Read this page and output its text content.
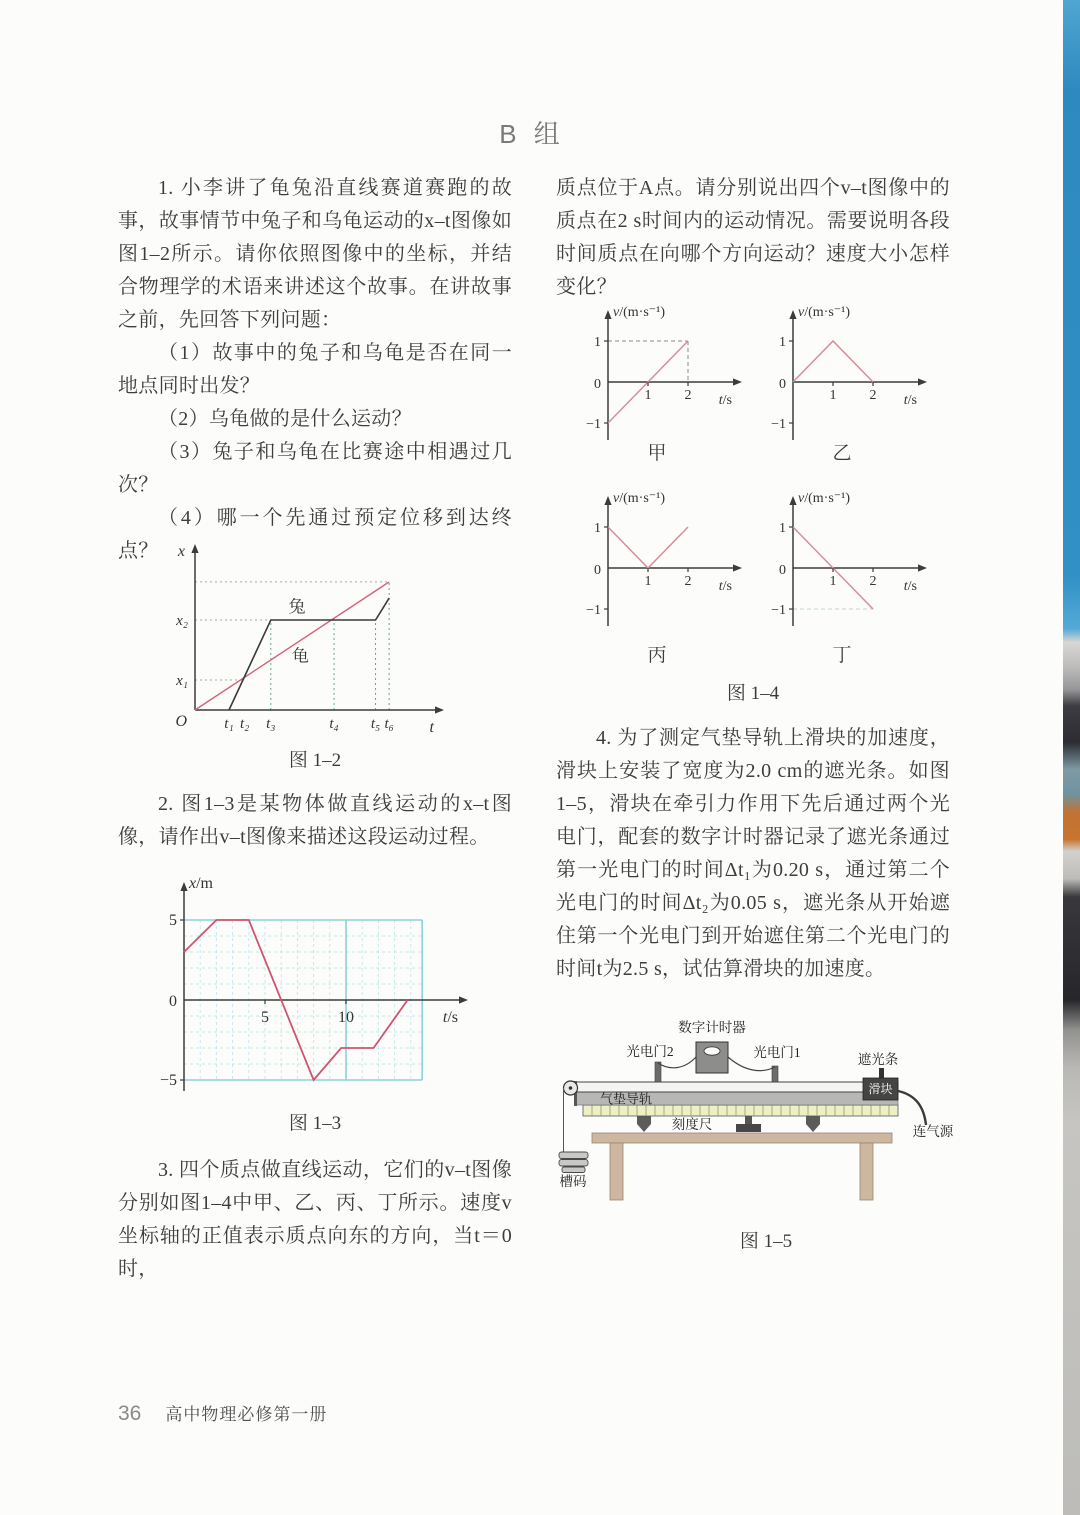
B 组

1. 小李讲了龟兔沿直线赛道赛跑的故事，故事情节中兔子和乌龟运动的x–t图像如图1–2所示。请你依照图像中的坐标，并结合物理学的术语来讲述这个故事。在讲故事之前，先回答下列问题：

（1）故事中的兔子和乌龟是否在同一地点同时出发？

（2）乌龟做的是什么运动？

（3）兔子和乌龟在比赛途中相遇过几次？

（4）哪一个先通过预定位移到达终点？

t₁ t₂ t₃	t₄ t₅ t₆
x₁
x₂
O	t
x
兔
龟
图 1–2

2. 图1–3是某物体做直线运动的x–t图像，请作出v–t图像来描述这段运动过程。

5	10
5
0
−5
t/s
x/m
图 1–3

3. 四个质点做直线运动，它们的v–t图像分别如图1–4中甲、乙、丙、丁所示。速度v坐标轴的正值表示质点向东的方向，当t＝0时，

质点位于A点。请分别说出四个v–t图像中的质点在2 s时间内的运动情况。需要说明各段时间质点在向哪个方向运动？速度大小怎样变化？

1 2
1
0
−1
t/s
v/(m·s⁻¹)
1 2
1
0
−1
t/s
v/(m·s⁻¹)
1 2
1
0
−1
t/s
v/(m·s⁻¹)
1 2
1
0
−1
t/s
v/(m·s⁻¹)
甲	乙
丙	丁
图 1–4

4. 为了测定气垫导轨上滑块的加速度，滑块上安装了宽度为2.0 cm的遮光条。如图1–5，滑块在牵引力作用下先后通过两个光电门，配套的数字计时器记录了遮光条通过第一光电门的时间Δt₁为0.20 s，通过第二个光电门的时间Δt₂为0.05 s，遮光条从开始遮住第一个光电门到开始遮住第二个光电门的时间t为2.5 s，试估算滑块的加速度。

数字计时器
光电门2	光电门1	遮光条
滑块
气垫导轨
刻度尺	连气源
槽码
图 1–5
36 高中物理必修第一册
